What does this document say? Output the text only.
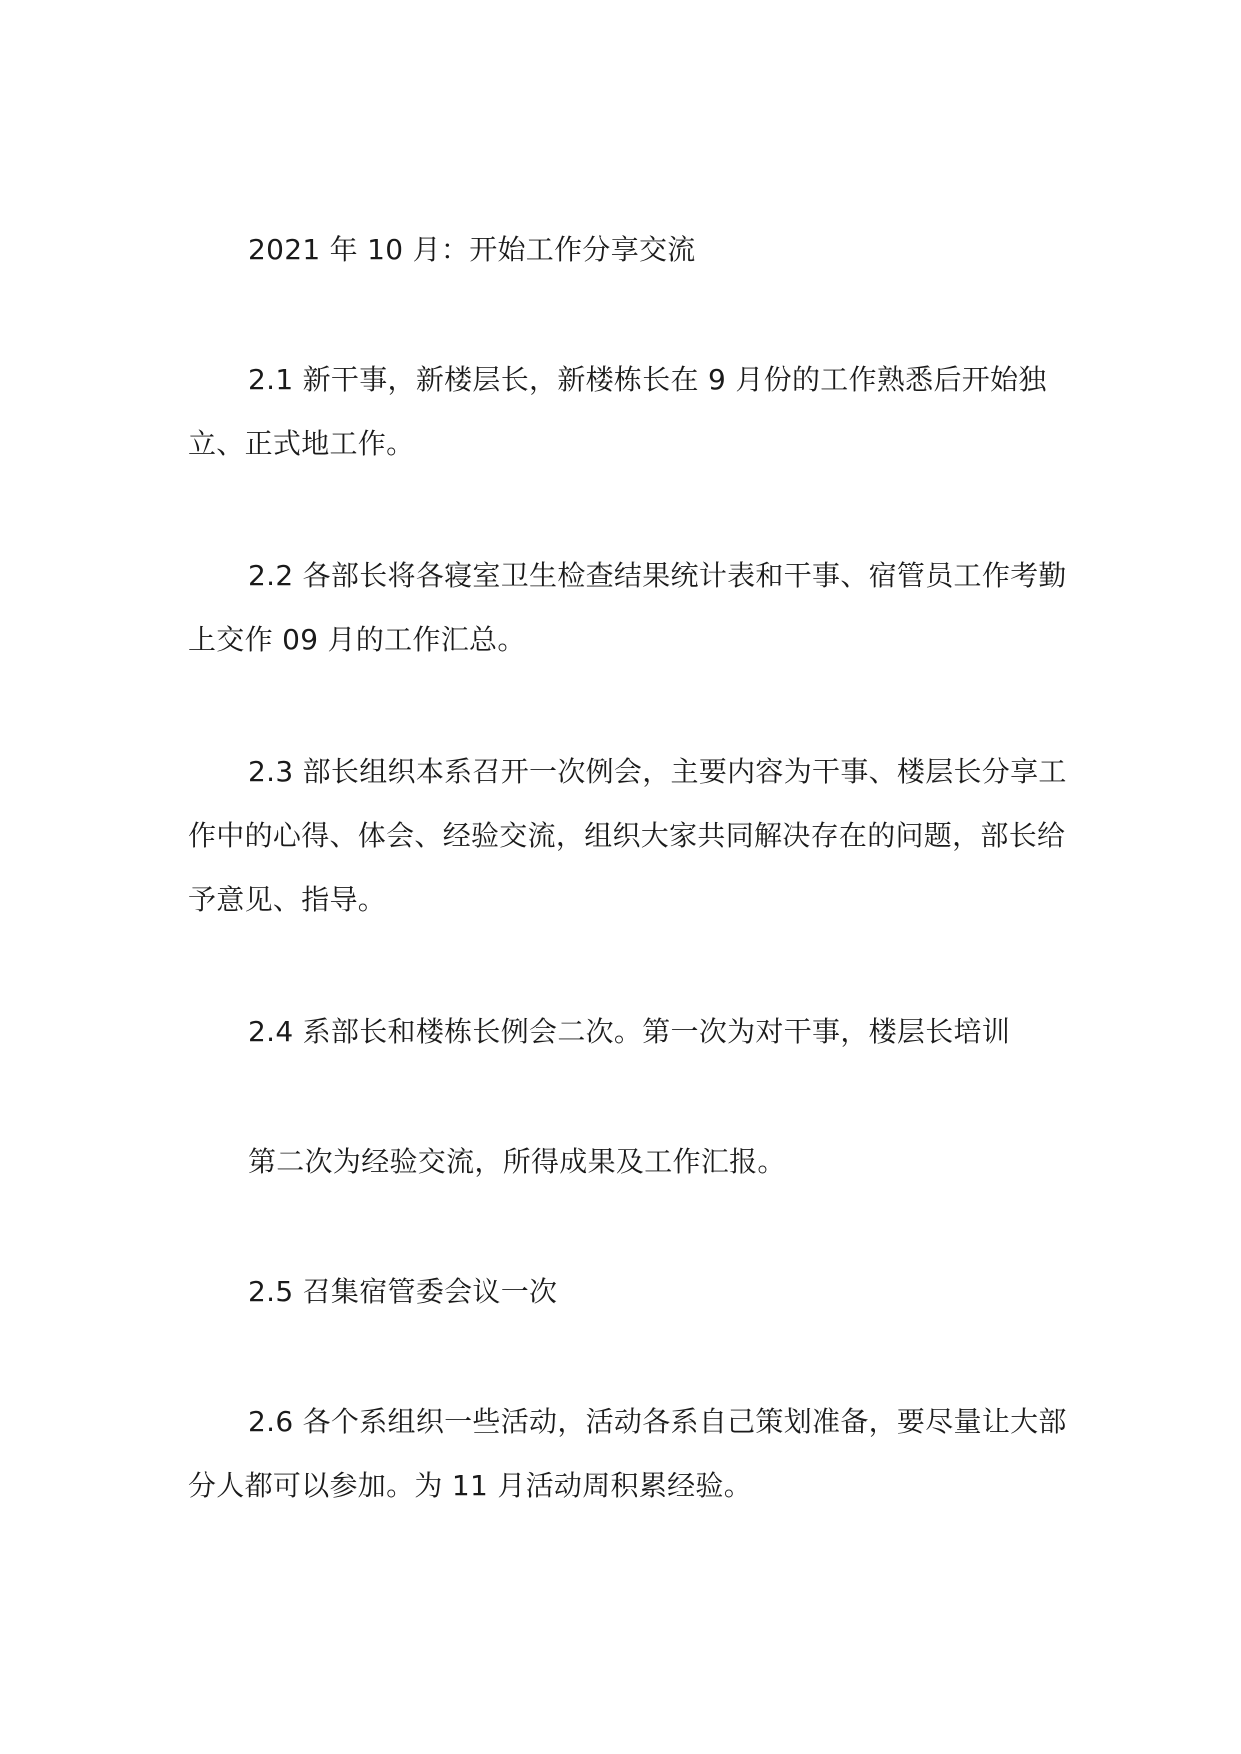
2021 年 10 月：开始工作分享交流

2.1 新干事，新楼层长，新楼栋长在 9 月份的工作熟悉后开始独立、正式地工作。

2.2 各部长将各寝室卫生检查结果统计表和干事、宿管员工作考勤上交作 09 月的工作汇总。

2.3 部长组织本系召开一次例会，主要内容为干事、楼层长分享工作中的心得、体会、经验交流，组织大家共同解决存在的问题，部长给予意见、指导。

2.4 系部长和楼栋长例会二次。第一次为对干事，楼层长培训

第二次为经验交流，所得成果及工作汇报。

2.5 召集宿管委会议一次

2.6 各个系组织一些活动，活动各系自己策划准备，要尽量让大部分人都可以参加。为 11 月活动周积累经验。
